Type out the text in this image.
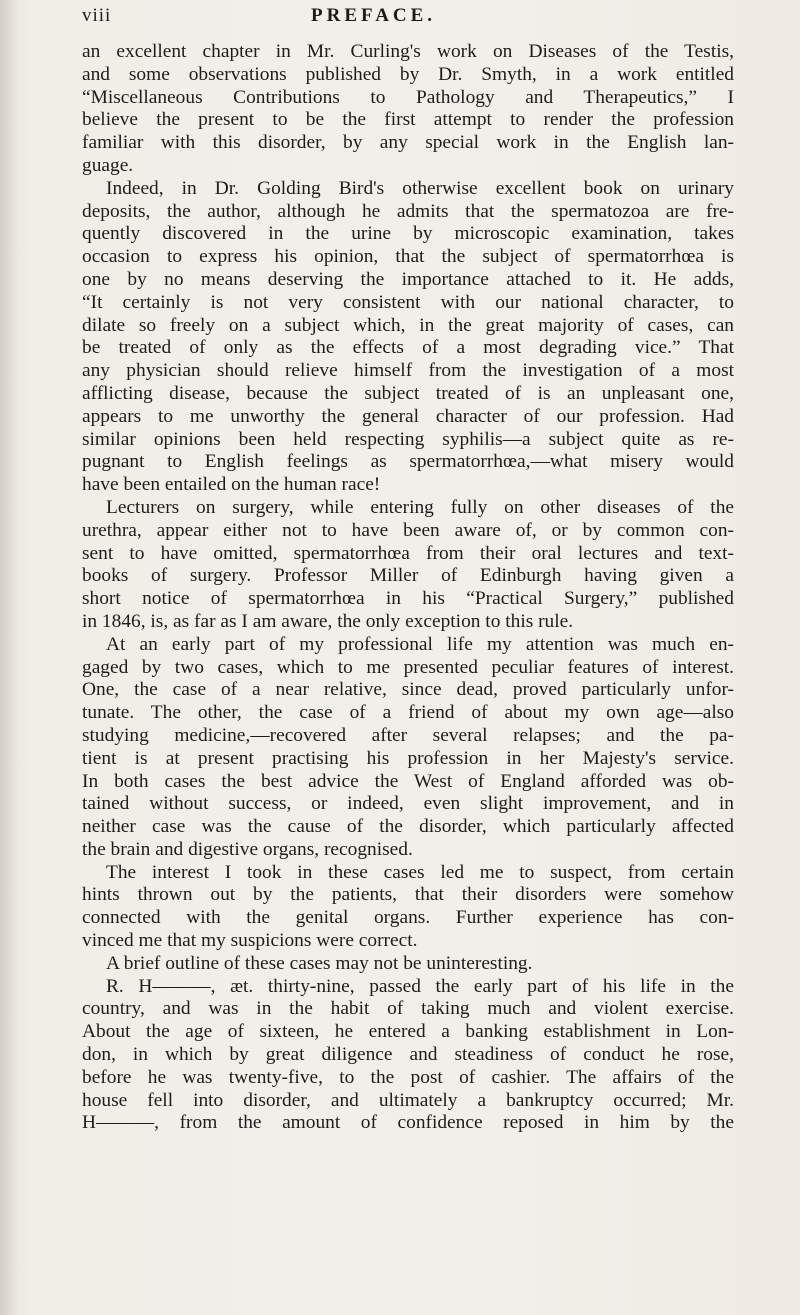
viii	PREFACE.
an excellent chapter in Mr. Curling's work on Diseases of the Testis,
and some observations published by Dr. Smyth, in a work entitled
“Miscellaneous Contributions to Pathology and Therapeutics,” I
believe the present to be the first attempt to render the profession
familiar with this disorder, by any special work in the English lan-
guage.
Indeed, in Dr. Golding Bird's otherwise excellent book on urinary
deposits, the author, although he admits that the spermatozoa are fre-
quently discovered in the urine by microscopic examination, takes
occasion to express his opinion, that the subject of spermatorrhœa is
one by no means deserving the importance attached to it. He adds,
“It certainly is not very consistent with our national character, to
dilate so freely on a subject which, in the great majority of cases, can
be treated of only as the effects of a most degrading vice.” That
any physician should relieve himself from the investigation of a most
afflicting disease, because the subject treated of is an unpleasant one,
appears to me unworthy the general character of our profession. Had
similar opinions been held respecting syphilis—a subject quite as re-
pugnant to English feelings as spermatorrhœa,—what misery would
have been entailed on the human race!
Lecturers on surgery, while entering fully on other diseases of the
urethra, appear either not to have been aware of, or by common con-
sent to have omitted, spermatorrhœa from their oral lectures and text-
books of surgery. Professor Miller of Edinburgh having given a
short notice of spermatorrhœa in his “Practical Surgery,” published
in 1846, is, as far as I am aware, the only exception to this rule.
At an early part of my professional life my attention was much en-
gaged by two cases, which to me presented peculiar features of interest.
One, the case of a near relative, since dead, proved particularly unfor-
tunate. The other, the case of a friend of about my own age—also
studying medicine,—recovered after several relapses; and the pa-
tient is at present practising his profession in her Majesty's service.
In both cases the best advice the West of England afforded was ob-
tained without success, or indeed, even slight improvement, and in
neither case was the cause of the disorder, which particularly affected
the brain and digestive organs, recognised.
The interest I took in these cases led me to suspect, from certain
hints thrown out by the patients, that their disorders were somehow
connected with the genital organs. Further experience has con-
vinced me that my suspicions were correct.
A brief outline of these cases may not be uninteresting.
R. H———, æt. thirty-nine, passed the early part of his life in the
country, and was in the habit of taking much and violent exercise.
About the age of sixteen, he entered a banking establishment in Lon-
don, in which by great diligence and steadiness of conduct he rose,
before he was twenty-five, to the post of cashier. The affairs of the
house fell into disorder, and ultimately a bankruptcy occurred; Mr.
H———, from the amount of confidence reposed in him by the
